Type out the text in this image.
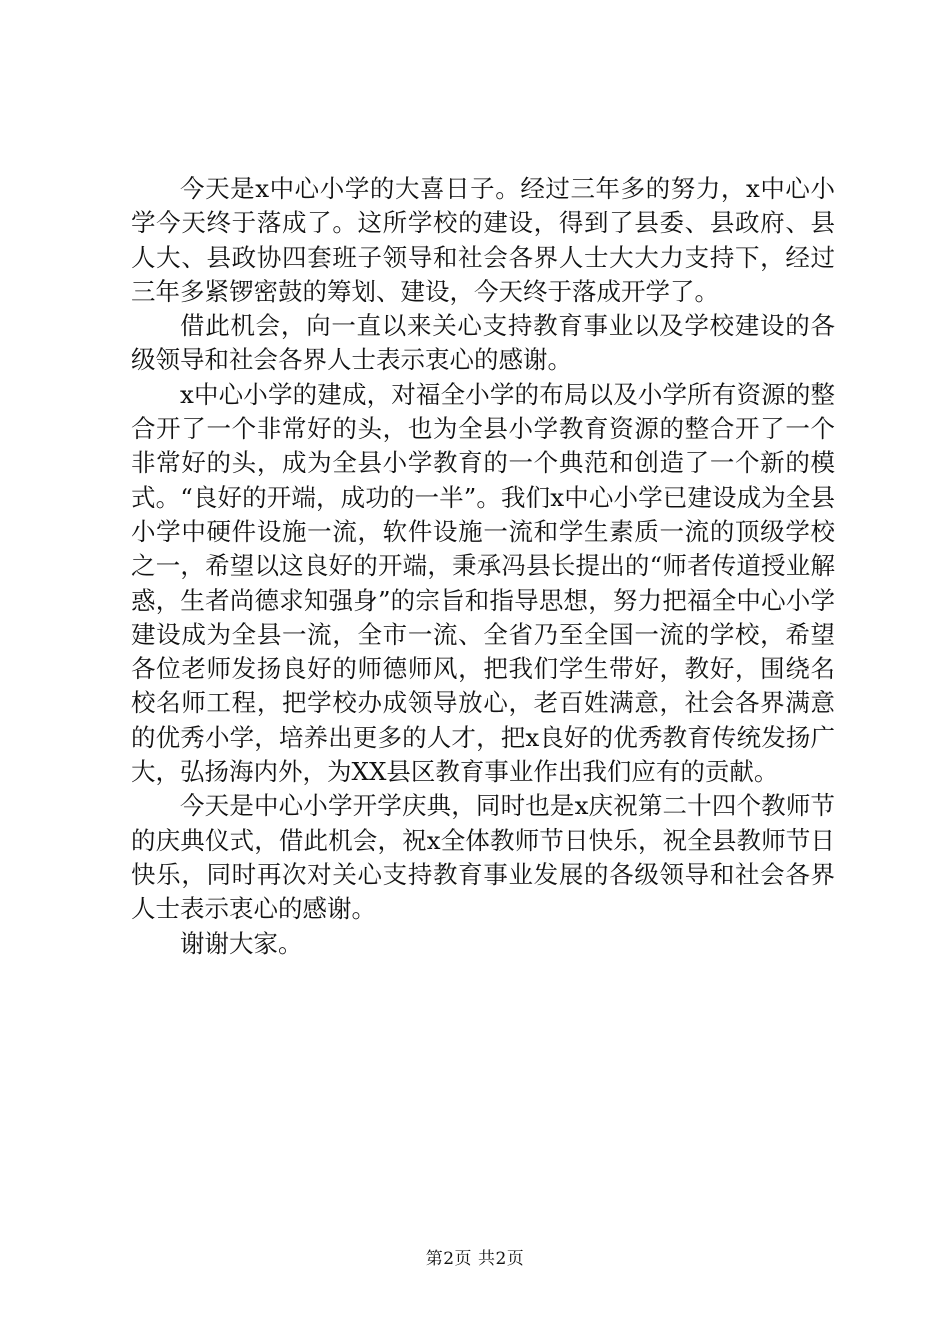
今天是x中心小学的大喜日子。经过三年多的努力，x中心小学今天终于落成了。这所学校的建设，得到了县委、县政府、县人大、县政协四套班子领导和社会各界人士大大力支持下，经过三年多紧锣密鼓的筹划、建设，今天终于落成开学了。

借此机会，向一直以来关心支持教育事业以及学校建设的各级领导和社会各界人士表示衷心的感谢。

x中心小学的建成，对福全小学的布局以及小学所有资源的整合开了一个非常好的头，也为全县小学教育资源的整合开了一个非常好的头，成为全县小学教育的一个典范和创造了一个新的模式。“良好的开端，成功的一半”。我们x中心小学已建设成为全县小学中硬件设施一流，软件设施一流和学生素质一流的顶级学校之一，希望以这良好的开端，秉承冯县长提出的“师者传道授业解惑，生者尚德求知强身”的宗旨和指导思想，努力把福全中心小学建设成为全县一流，全市一流、全省乃至全国一流的学校，希望各位老师发扬良好的师德师风，把我们学生带好，教好，围绕名校名师工程，把学校办成领导放心，老百姓满意，社会各界满意的优秀小学，培养出更多的人才，把x良好的优秀教育传统发扬广大，弘扬海内外，为XX县区教育事业作出我们应有的贡献。

今天是中心小学开学庆典，同时也是x庆祝第二十四个教师节的庆典仪式，借此机会，祝x全体教师节日快乐，祝全县教师节日快乐，同时再次对关心支持教育事业发展的各级领导和社会各界人士表示衷心的感谢。

谢谢大家。

第2页 共2页
